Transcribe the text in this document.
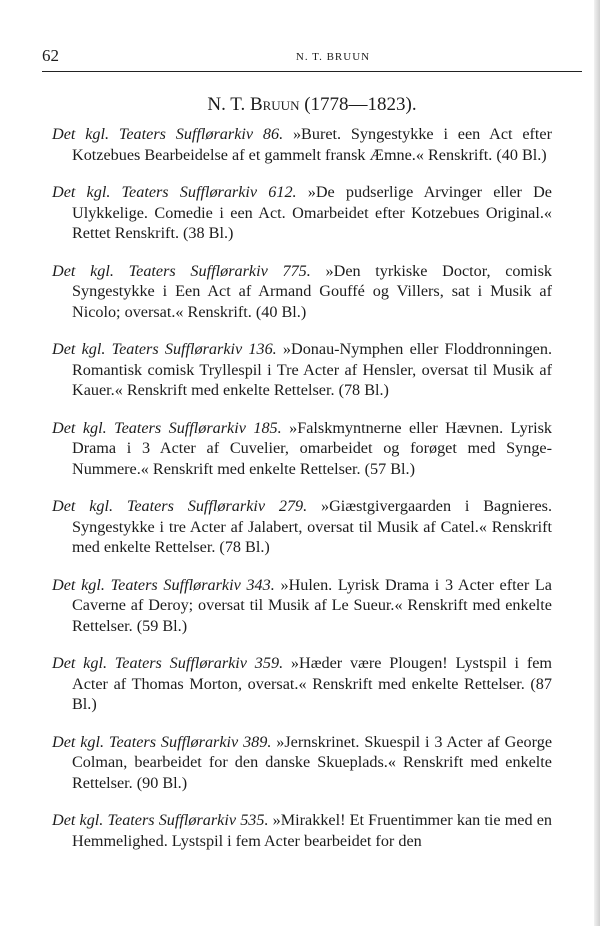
62	N. T. BRUUN
N. T. Bruun (1778—1823).
Det kgl. Teaters Sufflørarkiv 86. »Buret. Syngestykke i een Act efter Kotzebues Bearbeidelse af et gammelt fransk Æmne.« Renskrift. (40 Bl.)
Det kgl. Teaters Sufflørarkiv 612. »De pudserlige Arvinger eller De Ulykkelige. Comedie i een Act. Omarbeidet efter Kotzebues Original.« Rettet Renskrift. (38 Bl.)
Det kgl. Teaters Sufflørarkiv 775. »Den tyrkiske Doctor, comisk Syngestykke i Een Act af Armand Gouffé og Villers, sat i Musik af Nicolo; oversat.« Renskrift. (40 Bl.)
Det kgl. Teaters Sufflørarkiv 136. »Donau-Nymphen eller Floddronningen. Romantisk comisk Tryllespil i Tre Acter af Hensler, oversat til Musik af Kauer.« Renskrift med enkelte Rettelser. (78 Bl.)
Det kgl. Teaters Sufflørarkiv 185. »Falskmyntnerne eller Hævnen. Lyrisk Drama i 3 Acter af Cuvelier, omarbeidet og forøget med Synge-Nummere.« Renskrift med enkelte Rettelser. (57 Bl.)
Det kgl. Teaters Sufflørarkiv 279. »Giæstgivergaarden i Bagnieres. Syngestykke i tre Acter af Jalabert, oversat til Musik af Catel.« Renskrift med enkelte Rettelser. (78 Bl.)
Det kgl. Teaters Sufflørarkiv 343. »Hulen. Lyrisk Drama i 3 Acter efter La Caverne af Deroy; oversat til Musik af Le Sueur.« Renskrift med enkelte Rettelser. (59 Bl.)
Det kgl. Teaters Sufflørarkiv 359. »Hæder være Plougen! Lystspil i fem Acter af Thomas Morton, oversat.« Renskrift med enkelte Rettelser. (87 Bl.)
Det kgl. Teaters Sufflørarkiv 389. »Jernskrinet. Skuespil i 3 Acter af George Colman, bearbeidet for den danske Skueplads.« Renskrift med enkelte Rettelser. (90 Bl.)
Det kgl. Teaters Sufflørarkiv 535. »Mirakkel! Et Fruentimmer kan tie med en Hemmelighed. Lystspil i fem Acter bearbeidet for den
